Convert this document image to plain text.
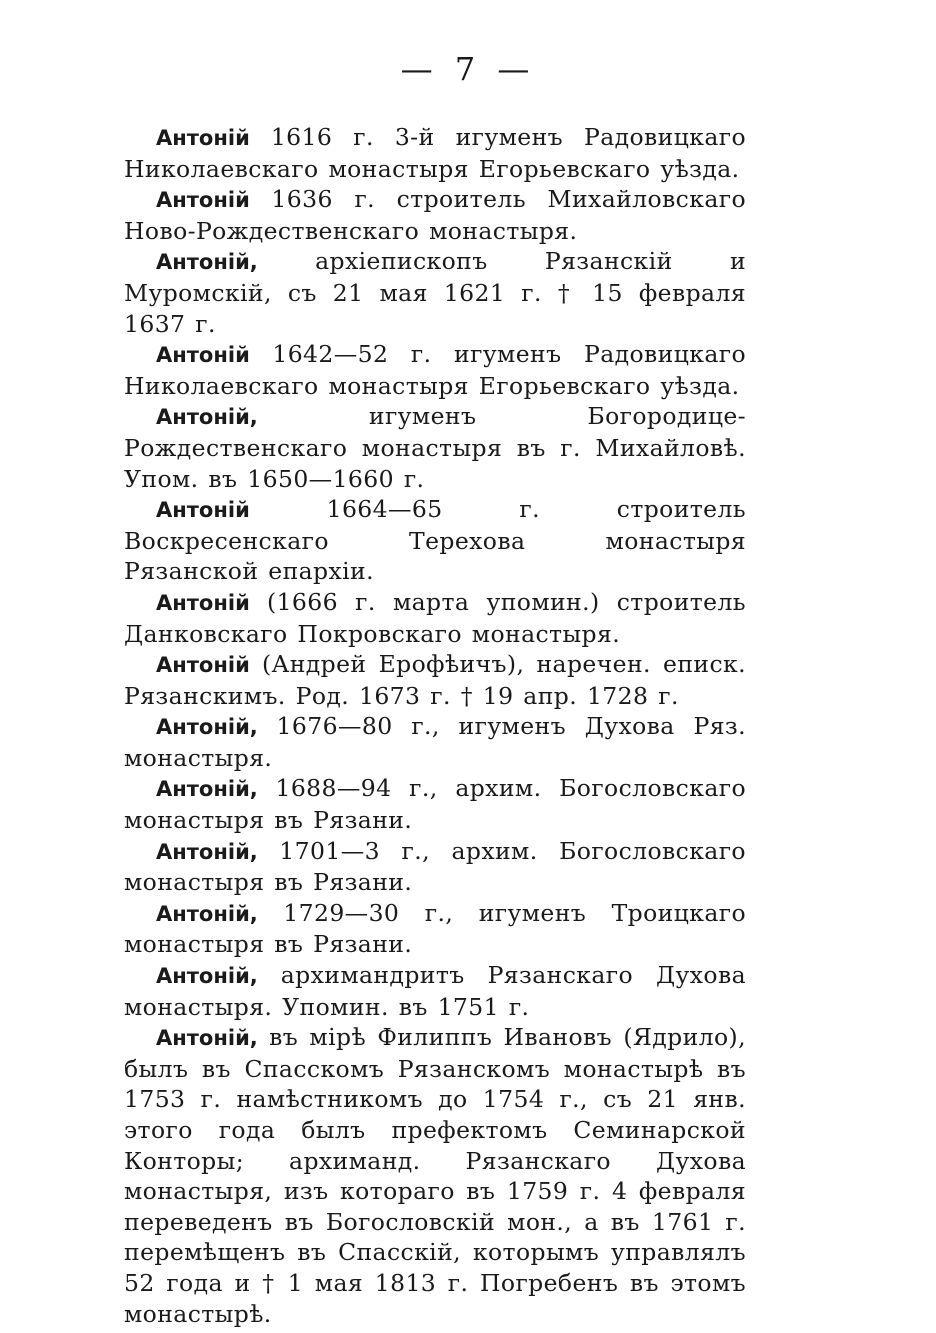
— 7 —

Антоній 1616 г. 3-й игуменъ Радовицкаго Николаевскаго монастыря Егорьевскаго уѣзда.

Антоній 1636 г. строитель Михайловскаго Ново-Рождественскаго монастыря.

Антоній, архіепископъ Рязанскій и Муромскій, съ 21 мая 1621 г. † 15 февраля 1637 г.

Антоній 1642—52 г. игуменъ Радовицкаго Николаевскаго монастыря Егорьевскаго уѣзда.

Антоній,	игуменъ Богородице-Рождественскаго монастыря въ г. Михайловѣ. Упом. въ 1650—1660 г.

Антоній	1664—65 г. строитель Воскресенскаго Терехова монастыря Рязанской епархіи.

Антоній (1666 г. марта упомин.) строитель Данковскаго Покровскаго монастыря.

Антоній (Андрей Ерофѣичъ), наречен. еписк. Рязанскимъ. Род. 1673 г. † 19 апр. 1728 г.

Антоній, 1676—80 г., игуменъ Духова Ряз. монастыря.

Антоній, 1688—94 г., архим. Богословскаго монастыря въ Рязани.

Антоній, 1701—3 г., архим. Богословскаго монастыря въ Рязани.

Антоній, 1729—30 г., игуменъ Троицкаго монастыря въ Рязани.

Антоній, архимандритъ Рязанскаго Духова монастыря. Упомин. въ 1751 г.

Антоній, въ мірѣ Филиппъ Ивановъ (Ядрило), былъ въ Спасскомъ Рязанскомъ монастырѣ въ 1753 г. намѣстникомъ до 1754 г., съ 21 янв. этого года былъ префектомъ Семинарской Конторы; архиманд. Рязанскаго Духова монастыря, изъ котораго въ 1759 г. 4 февраля переведенъ въ Богословскій мон., а въ 1761 г. перемѣщенъ въ Спасскій, которымъ управлялъ 52 года и † 1 мая 1813 г. Погребенъ въ этомъ монастырѣ.
